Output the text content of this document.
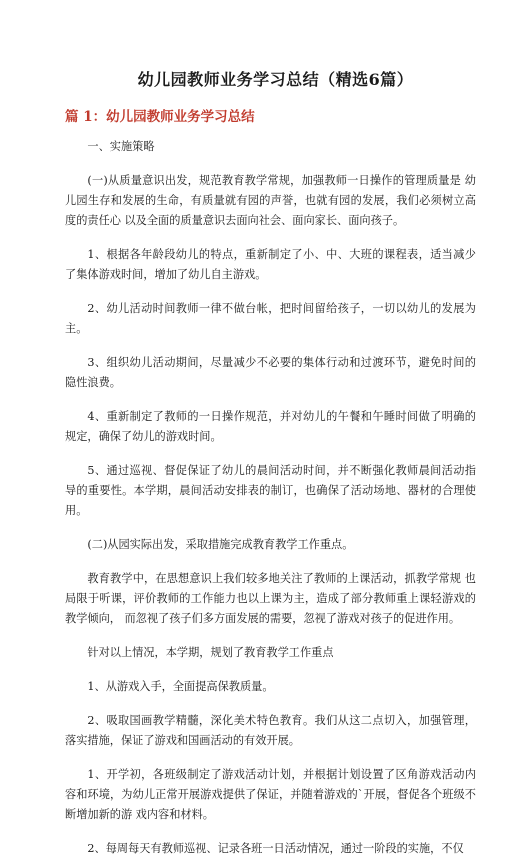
幼儿园教师业务学习总结（精选6篇）
篇 1：幼儿园教师业务学习总结

一、实施策略

(一)从质量意识出发，规范教育教学常规，加强教师一日操作的管理质量是 幼儿园生存和发展的生命，有质量就有园的声誉，也就有园的发展，我们必须树立高度的责任心 以及全面的质量意识去面向社会、面向家长、面向孩子。

1、根据各年龄段幼儿的特点，重新制定了小、中、大班的课程表，适当减少 了集体游戏时间，增加了幼儿自主游戏。

2、幼儿活动时间教师一律不做台帐，把时间留给孩子，一切以幼儿的发展为 主。

3、组织幼儿活动期间，尽量减少不必要的集体行动和过渡环节，避免时间的 隐性浪费。

4、重新制定了教师的一日操作规范，并对幼儿的午餐和午睡时间做了明确的 规定，确保了幼儿的游戏时间。

5、通过巡视、督促保证了幼儿的晨间活动时间，并不断强化教师晨间活动指 导的重要性。本学期，晨间活动安排表的制订，也确保了活动场地、器材的合理使用。

(二)从园实际出发，采取措施完成教育教学工作重点。

教育教学中，在思想意识上我们较多地关注了教师的上课活动，抓教学常规 也局限于听课，评价教师的工作能力也以上课为主，造成了部分教师重上课轻游戏的教学倾向， 而忽视了孩子们多方面发展的需要，忽视了游戏对孩子的促进作用。

针对以上情况，本学期，规划了教育教学工作重点

1、从游戏入手，全面提高保教质量。

2、吸取国画教学精髓，深化美术特色教育。我们从这二点切入，加强管理， 落实措施，保证了游戏和国画活动的有效开展。

1、开学初，各班级制定了游戏活动计划，并根据计划设置了区角游戏活动内 容和环境，为幼儿正常开展游戏提供了保证，并随着游戏的`开展，督促各个班级不断增加新的游 戏内容和材料。

2、每周每天有教师巡视、记录各班一日活动情况，通过一阶段的实施，不仅
